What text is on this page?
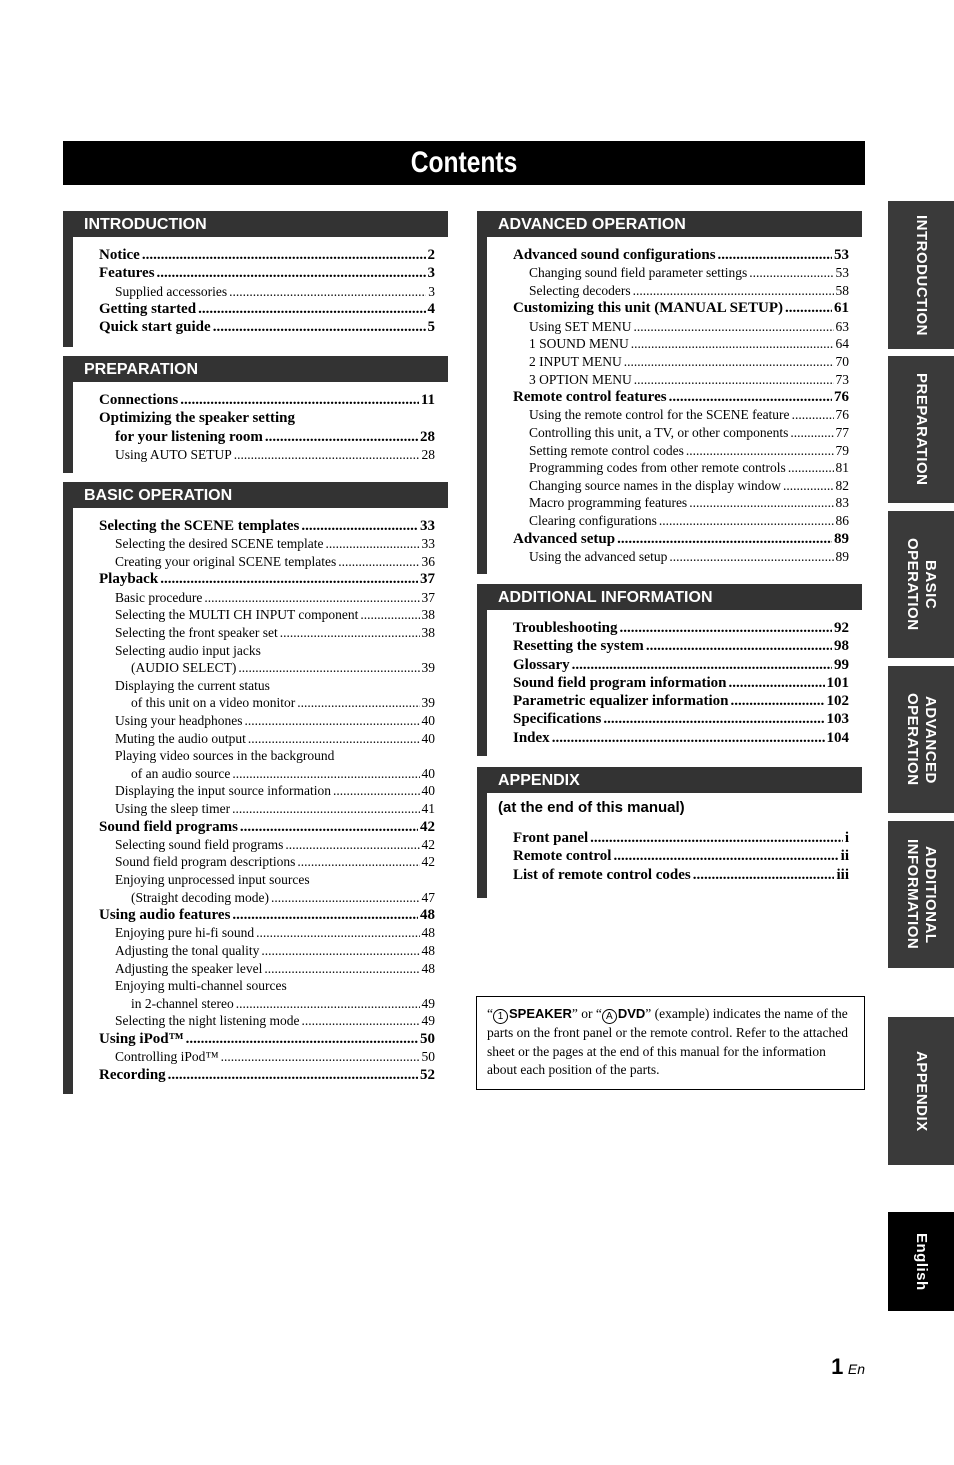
Contents
INTRODUCTION
Notice .....	2
Features .....	3
Supplied accessories .....	3
Getting started .....	4
Quick start guide .....	5
PREPARATION
Connections .....	11
Optimizing the speaker setting
for your listening room .....	28
Using AUTO SETUP .....	28
BASIC OPERATION
Selecting the SCENE templates .....	33
Selecting the desired SCENE template .....	33
Creating your original SCENE templates .....	36
Playback .....	37
Basic procedure .....	37
Selecting the MULTI CH INPUT component .....	38
Selecting the front speaker set .....	38
Selecting audio input jacks
(AUDIO SELECT) .....	39
Displaying the current status
of this unit on a video monitor .....	39
Using your headphones .....	40
Muting the audio output .....	40
Playing video sources in the background
of an audio source .....	40
Displaying the input source information .....	40
Using the sleep timer .....	41
Sound field programs .....	42
Selecting sound field programs .....	42
Sound field program descriptions .....	42
Enjoying unprocessed input sources
(Straight decoding mode) .....	47
Using audio features .....	48
Enjoying pure hi-fi sound .....	48
Adjusting the tonal quality .....	48
Adjusting the speaker level .....	48
Enjoying multi-channel sources
in 2-channel stereo .....	49
Selecting the night listening mode .....	49
Using iPod™ .....	50
Controlling iPod™ .....	50
Recording .....	52
ADVANCED OPERATION
Advanced sound configurations .....	53
Changing sound field parameter settings .....	53
Selecting decoders .....	58
Customizing this unit (MANUAL SETUP) .....	61
Using SET MENU .....	63
1 SOUND MENU .....	64
2 INPUT MENU .....	70
3 OPTION MENU .....	73
Remote control features .....	76
Using the remote control for the SCENE feature .....	76
Controlling this unit, a TV, or other components .....	77
Setting remote control codes .....	79
Programming codes from other remote controls .....	81
Changing source names in the display window .....	82
Macro programming features .....	83
Clearing configurations .....	86
Advanced setup .....	89
Using the advanced setup .....	89
ADDITIONAL INFORMATION
Troubleshooting .....	92
Resetting the system .....	98
Glossary .....	99
Sound field program information .....	101
Parametric equalizer information .....	102
Specifications .....	103
Index .....	104
APPENDIX
(at the end of this manual)
Front panel .....	i
Remote control .....	ii
List of remote control codes .....	iii
“ 1 SPEAKER” or “ A DVD” (example) indicates the name of the parts on the front panel or the remote control. Refer to the attached sheet or the pages at the end of this manual for the information about each position of the parts.
INTRODUCTION
PREPARATION
BASIC
OPERATION
ADVANCED
OPERATION
ADDITIONAL
INFORMATION
APPENDIX
English
1 En
